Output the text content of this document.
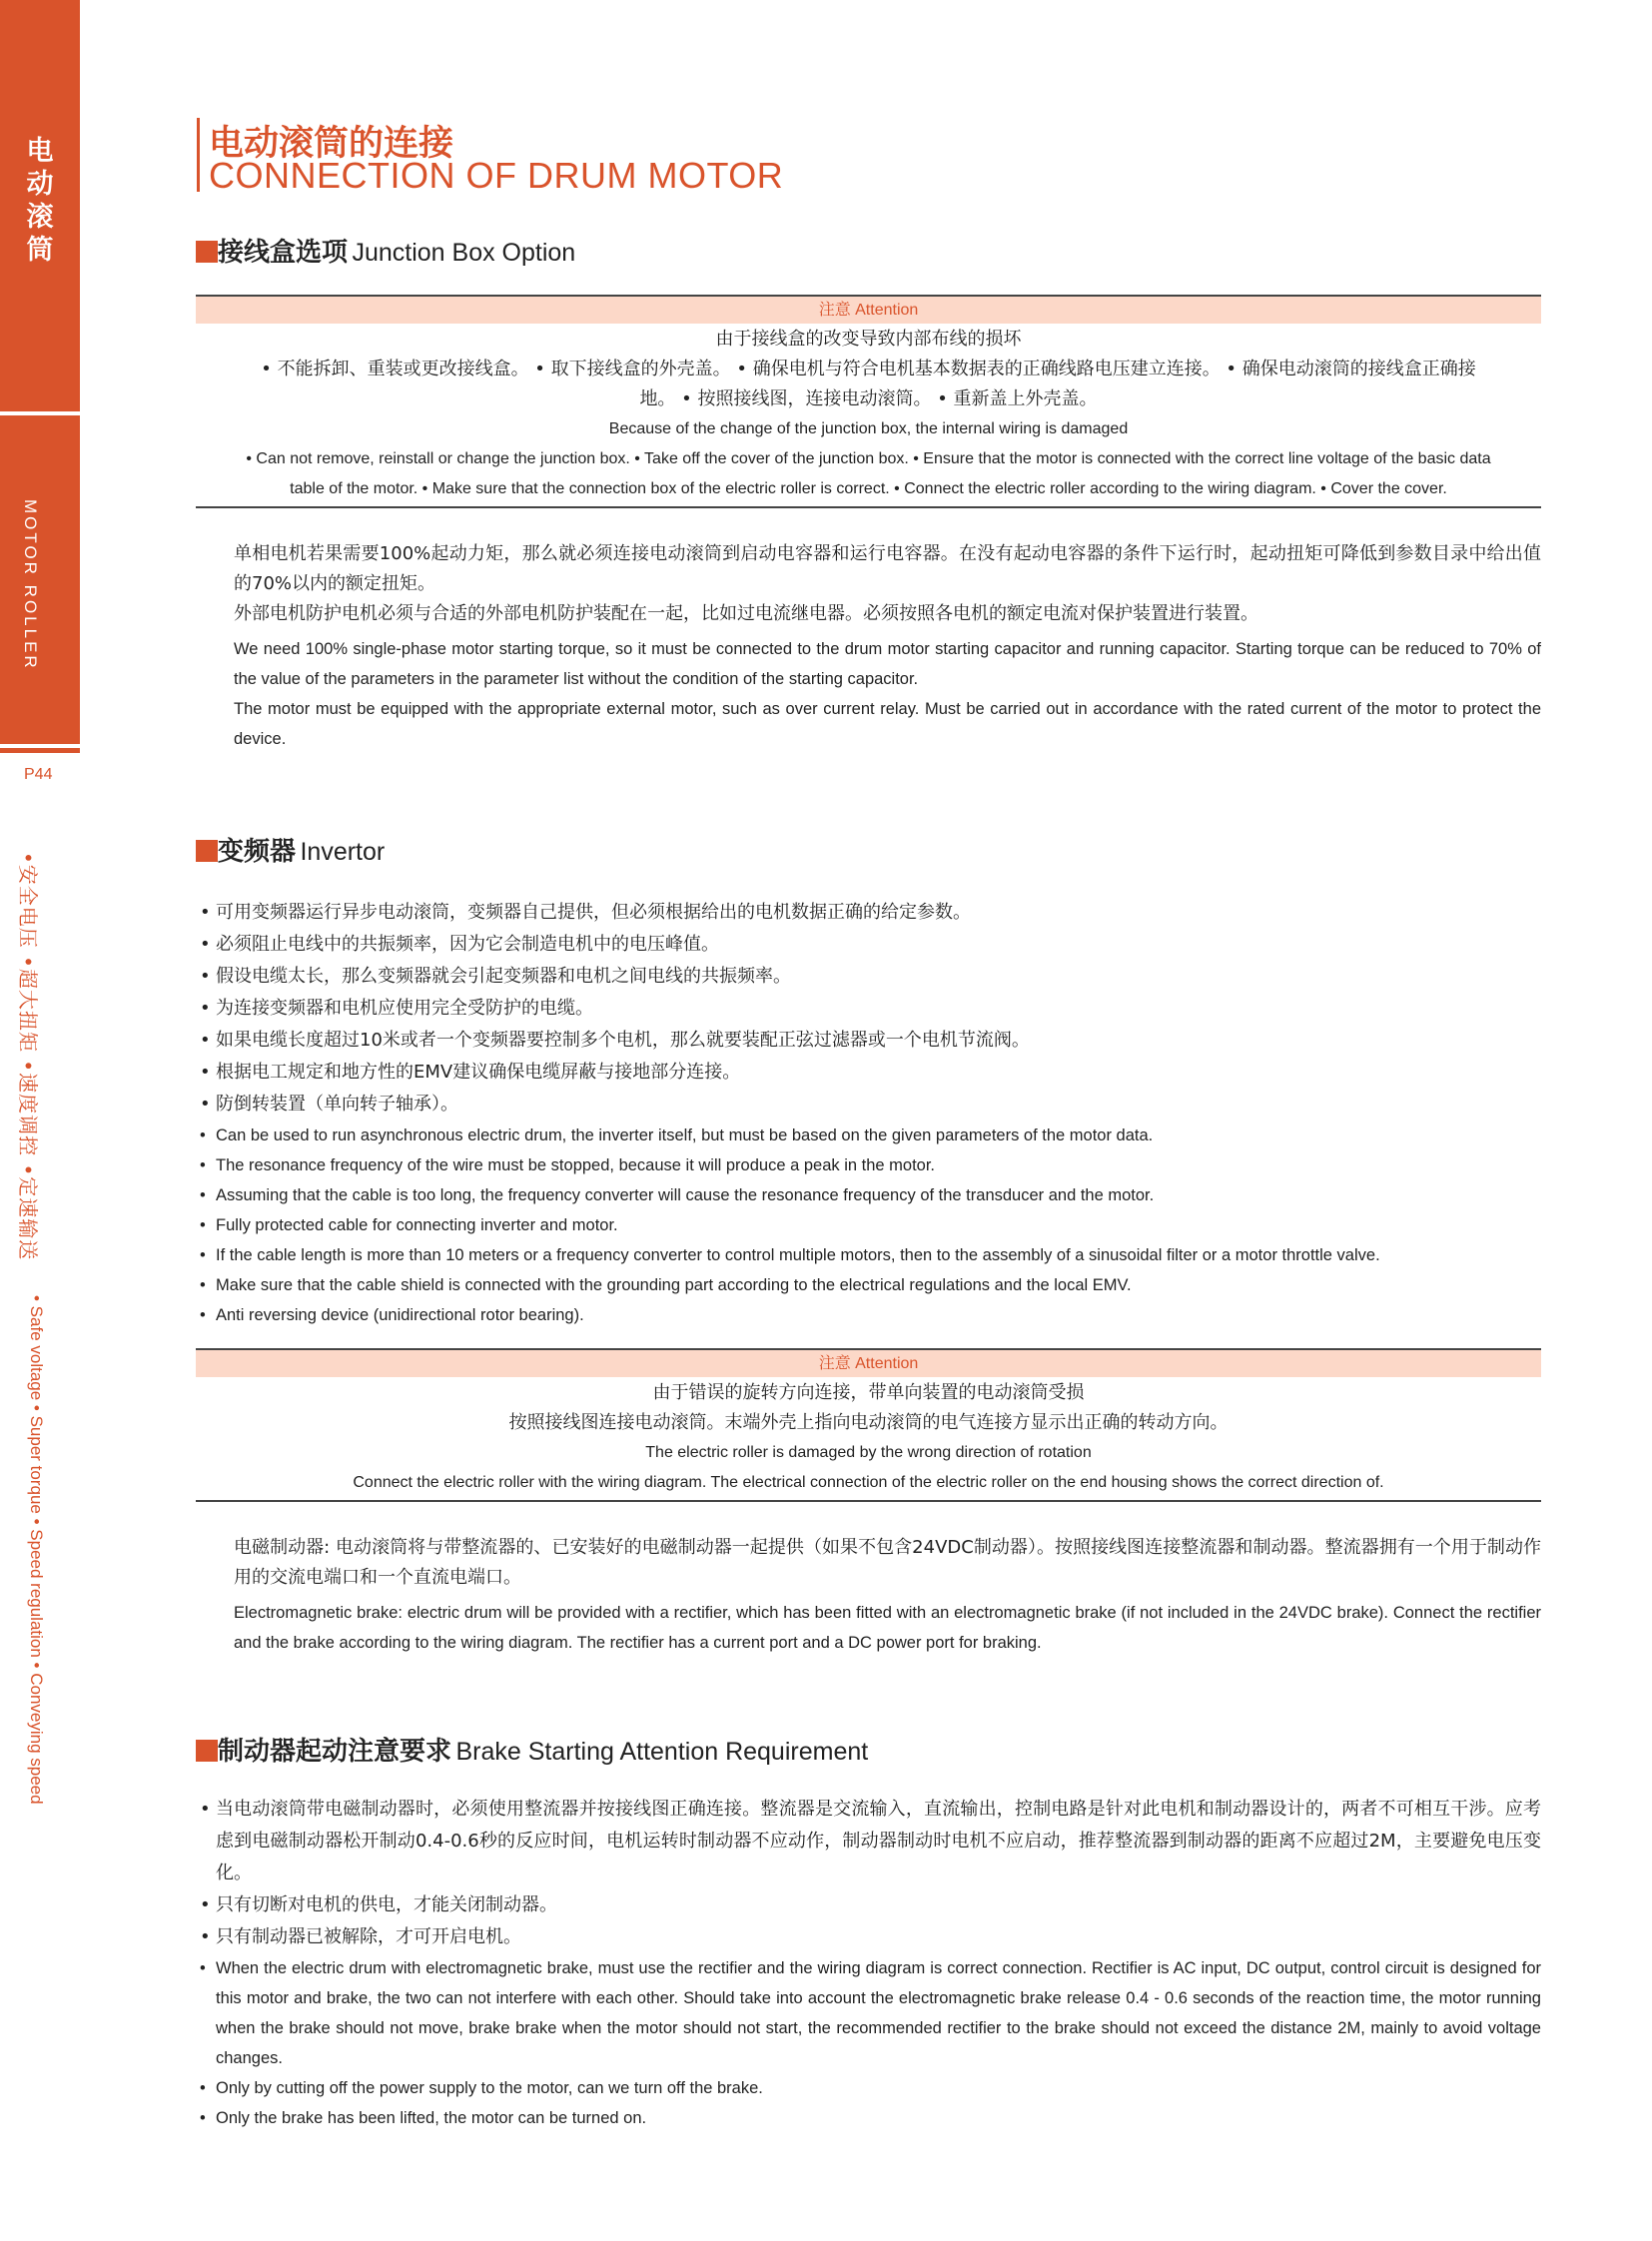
电动滚筒
MOTOR ROLLER
P44
•安全电压 •超大扭矩 •速度调控 •定速输送
• Safe voltage • Super torque • Speed regulation • Conveying speed
电动滚筒的连接
CONNECTION OF DRUM MOTOR
接线盒选项 Junction Box Option
注意 Attention
由于接线盒的改变导致内部布线的损坏
• 不能拆卸、重装或更改接线盒。 • 取下接线盒的外壳盖。 • 确保电机与符合电机基本数据表的正确线路电压建立连接。 • 确保电动滚筒的接线盒正确接
地。 • 按照接线图，连接电动滚筒。 • 重新盖上外壳盖。
Because of the change of the junction box, the internal wiring is damaged
• Can not remove, reinstall or change the junction box. • Take off the cover of the junction box. • Ensure that the motor is connected with the correct line voltage of the basic data
table of the motor. • Make sure that the connection box of the electric roller is correct. • Connect the electric roller according to the wiring diagram. • Cover the cover.
单相电机若果需要100%起动力矩，那么就必须连接电动滚筒到启动电容器和运行电容器。在没有起动电容器的条件下运行时，起动扭矩可降低到参数目录中给出值的70%以内的额定扭矩。
外部电机防护电机必须与合适的外部电机防护装配在一起，比如过电流继电器。必须按照各电机的额定电流对保护装置进行装置。
We need 100% single-phase motor starting torque, so it must be connected to the drum motor starting capacitor and running capacitor. Starting torque can be reduced to 70% of the value of the parameters in the parameter list without the condition of the starting capacitor.
The motor must be equipped with the appropriate external motor, such as over current relay. Must be carried out in accordance with the rated current of the motor to protect the device.
变频器 Invertor
• 可用变频器运行异步电动滚筒，变频器自己提供，但必须根据给出的电机数据正确的给定参数。
• 必须阻止电线中的共振频率，因为它会制造电机中的电压峰值。
• 假设电缆太长，那么变频器就会引起变频器和电机之间电线的共振频率。
• 为连接变频器和电机应使用完全受防护的电缆。
• 如果电缆长度超过10米或者一个变频器要控制多个电机，那么就要装配正弦过滤器或一个电机节流阀。
• 根据电工规定和地方性的EMV建议确保电缆屏蔽与接地部分连接。
• 防倒转装置（单向转子轴承）。
• Can be used to run asynchronous electric drum, the inverter itself, but must be based on the given parameters of the motor data.
• The resonance frequency of the wire must be stopped, because it will produce a peak in the motor.
• Assuming that the cable is too long, the frequency converter will cause the resonance frequency of the transducer and the motor.
• Fully protected cable for connecting inverter and motor.
• If the cable length is more than 10 meters or a frequency converter to control multiple motors, then to the assembly of a sinusoidal filter or a motor throttle valve.
• Make sure that the cable shield is connected with the grounding part according to the electrical regulations and the local EMV.
• Anti reversing device (unidirectional rotor bearing).
注意 Attention
由于错误的旋转方向连接，带单向装置的电动滚筒受损
按照接线图连接电动滚筒。末端外壳上指向电动滚筒的电气连接方显示出正确的转动方向。
The electric roller is damaged by the wrong direction of rotation
Connect the electric roller with the wiring diagram. The electrical connection of the electric roller on the end housing shows the correct direction of.
电磁制动器: 电动滚筒将与带整流器的、已安装好的电磁制动器一起提供（如果不包含24VDC制动器）。按照接线图连接整流器和制动器。整流器拥有一个用于制动作用的交流电端口和一个直流电端口。
Electromagnetic brake: electric drum will be provided with a rectifier, which has been fitted with an electromagnetic brake (if not included in the 24VDC brake). Connect the rectifier and the brake according to the wiring diagram. The rectifier has a current port and a DC power port for braking.
制动器起动注意要求 Brake Starting Attention Requirement
• 当电动滚筒带电磁制动器时，必须使用整流器并按接线图正确连接。整流器是交流输入，直流输出，控制电路是针对此电机和制动器设计的，两者不可相互干涉。应考虑到电磁制动器松开制动0.4-0.6秒的反应时间，电机运转时制动器不应动作，制动器制动时电机不应启动，推荐整流器到制动器的距离不应超过2M，主要避免电压变化。
• 只有切断对电机的供电，才能关闭制动器。
• 只有制动器已被解除，才可开启电机。
• When the electric drum with electromagnetic brake, must use the rectifier and the wiring diagram is correct connection. Rectifier is AC input, DC output, control circuit is designed for this motor and brake, the two can not interfere with each other. Should take into account the electromagnetic brake release 0.4 - 0.6 seconds of the reaction time, the motor running when the brake should not move, brake brake when the motor should not start, the recommended rectifier to the brake should not exceed the distance 2M, mainly to avoid voltage changes.
• Only by cutting off the power supply to the motor, can we turn off the brake.
• Only the brake has been lifted, the motor can be turned on.
